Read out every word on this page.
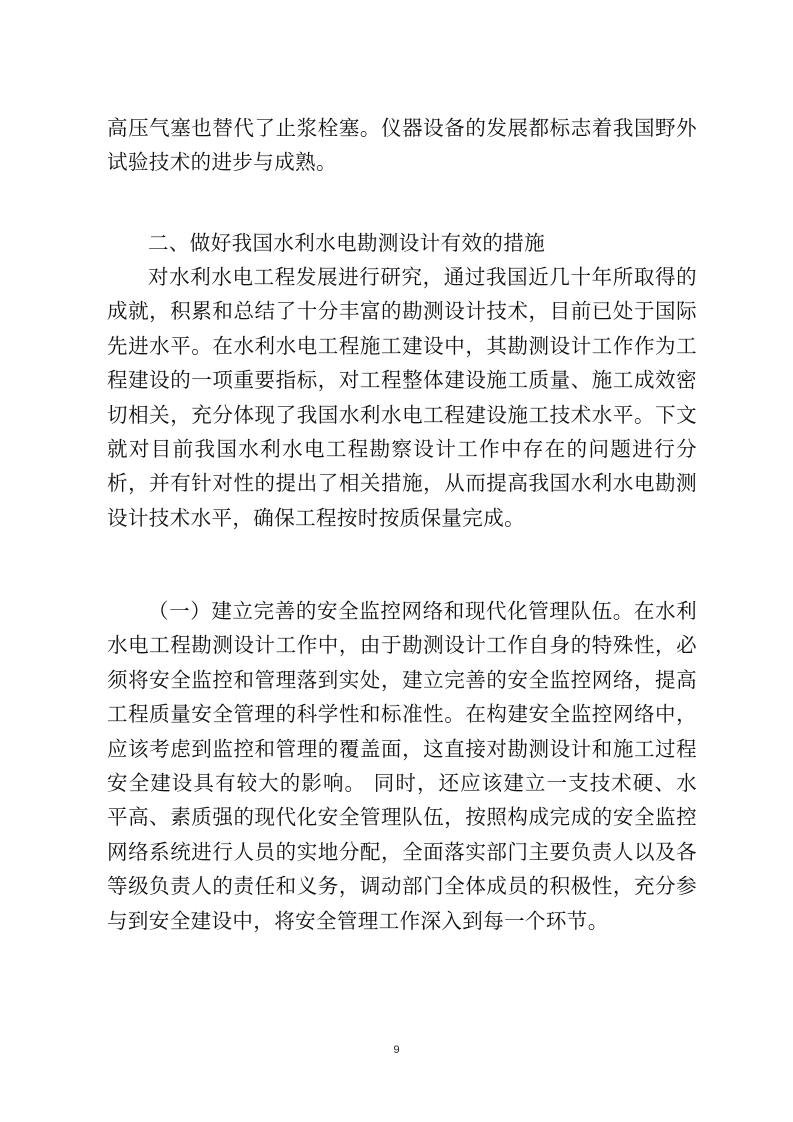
高压气塞也替代了止浆栓塞。仪器设备的发展都标志着我国野外试验技术的进步与成熟。

二、做好我国水利水电勘测设计有效的措施

对水利水电工程发展进行研究，通过我国近几十年所取得的成就，积累和总结了十分丰富的勘测设计技术，目前已处于国际先进水平。在水利水电工程施工建设中，其勘测设计工作作为工程建设的一项重要指标，对工程整体建设施工质量、施工成效密切相关，充分体现了我国水利水电工程建设施工技术水平。下文就对目前我国水利水电工程勘察设计工作中存在的问题进行分析，并有针对性的提出了相关措施，从而提高我国水利水电勘测设计技术水平，确保工程按时按质保量完成。

（一）建立完善的安全监控网络和现代化管理队伍。在水利水电工程勘测设计工作中，由于勘测设计工作自身的特殊性，必须将安全监控和管理落到实处，建立完善的安全监控网络，提高工程质量安全管理的科学性和标准性。在构建安全监控网络中，应该考虑到监控和管理的覆盖面，这直接对勘测设计和施工过程安全建设具有较大的影响。 同时，还应该建立一支技术硬、水平高、素质强的现代化安全管理队伍，按照构成完成的安全监控网络系统进行人员的实地分配，全面落实部门主要负责人以及各等级负责人的责任和义务，调动部门全体成员的积极性，充分参与到安全建设中，将安全管理工作深入到每一个环节。

9
